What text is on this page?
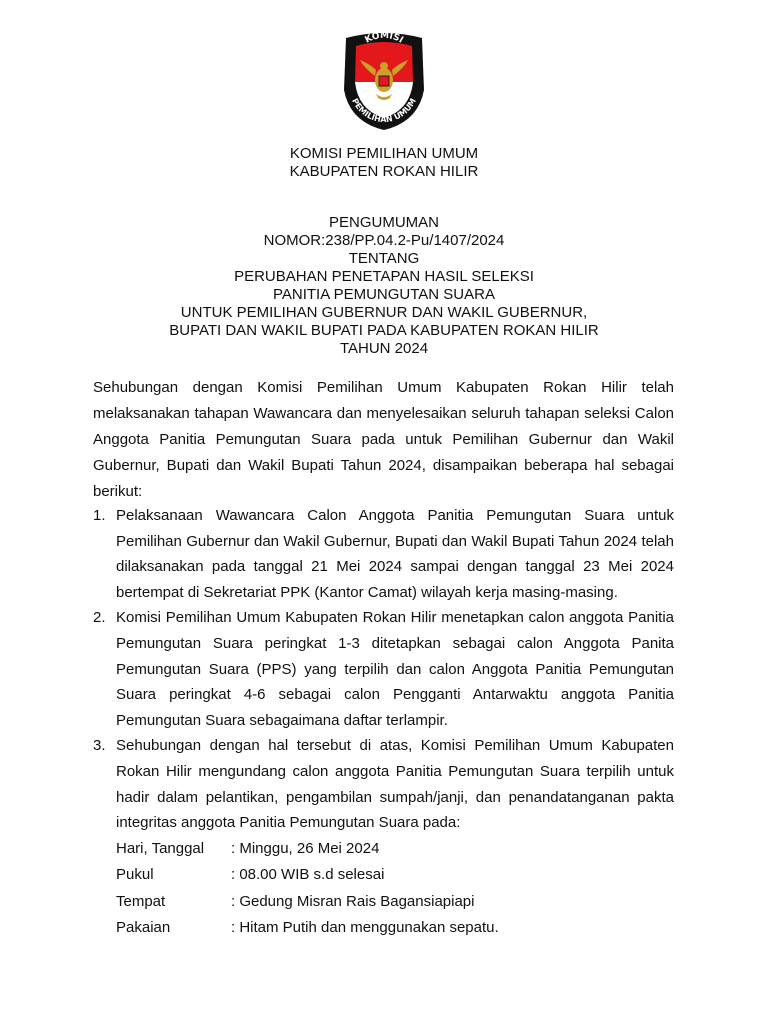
KOMISI
PEMILIHAN UMUM
KOMISI PEMILIHAN UMUM
KABUPATEN ROKAN HILIR
PENGUMUMAN
NOMOR:238/PP.04.2-Pu/1407/2024
TENTANG
PERUBAHAN PENETAPAN HASIL SELEKSI
PANITIA PEMUNGUTAN SUARA
UNTUK PEMILIHAN GUBERNUR DAN WAKIL GUBERNUR,
BUPATI DAN WAKIL BUPATI PADA KABUPATEN ROKAN HILIR
TAHUN 2024
Sehubungan dengan Komisi Pemilihan Umum Kabupaten Rokan Hilir telah melaksanakan tahapan Wawancara dan menyelesaikan seluruh tahapan seleksi Calon Anggota Panitia Pemungutan Suara pada untuk Pemilihan Gubernur dan Wakil Gubernur, Bupati dan Wakil Bupati Tahun 2024, disampaikan beberapa hal sebagai berikut:
1. Pelaksanaan Wawancara Calon Anggota Panitia Pemungutan Suara untuk Pemilihan Gubernur dan Wakil Gubernur, Bupati dan Wakil Bupati Tahun 2024 telah dilaksanakan pada tanggal 21 Mei 2024 sampai dengan tanggal 23 Mei 2024 bertempat di Sekretariat PPK (Kantor Camat) wilayah kerja masing-masing.

2. Komisi Pemilihan Umum Kabupaten Rokan Hilir menetapkan calon anggota Panitia Pemungutan Suara peringkat 1-3 ditetapkan sebagai calon Anggota Panita Pemungutan Suara (PPS) yang terpilih dan calon Anggota Panitia Pemungutan Suara peringkat 4-6 sebagai calon Pengganti Antarwaktu anggota Panitia Pemungutan Suara sebagaimana daftar terlampir.

3. Sehubungan dengan hal tersebut di atas, Komisi Pemilihan Umum Kabupaten Rokan Hilir mengundang calon anggota Panitia Pemungutan Suara terpilih untuk hadir dalam pelantikan, pengambilan sumpah/janji, dan penandatanganan pakta integritas anggota Panitia Pemungutan Suara pada:

Hari, Tanggal	: Minggu, 26 Mei 2024
Pukul	: 08.00 WIB s.d selesai
Tempat	: Gedung Misran Rais Bagansiapiapi
Pakaian	: Hitam Putih dan menggunakan sepatu.
